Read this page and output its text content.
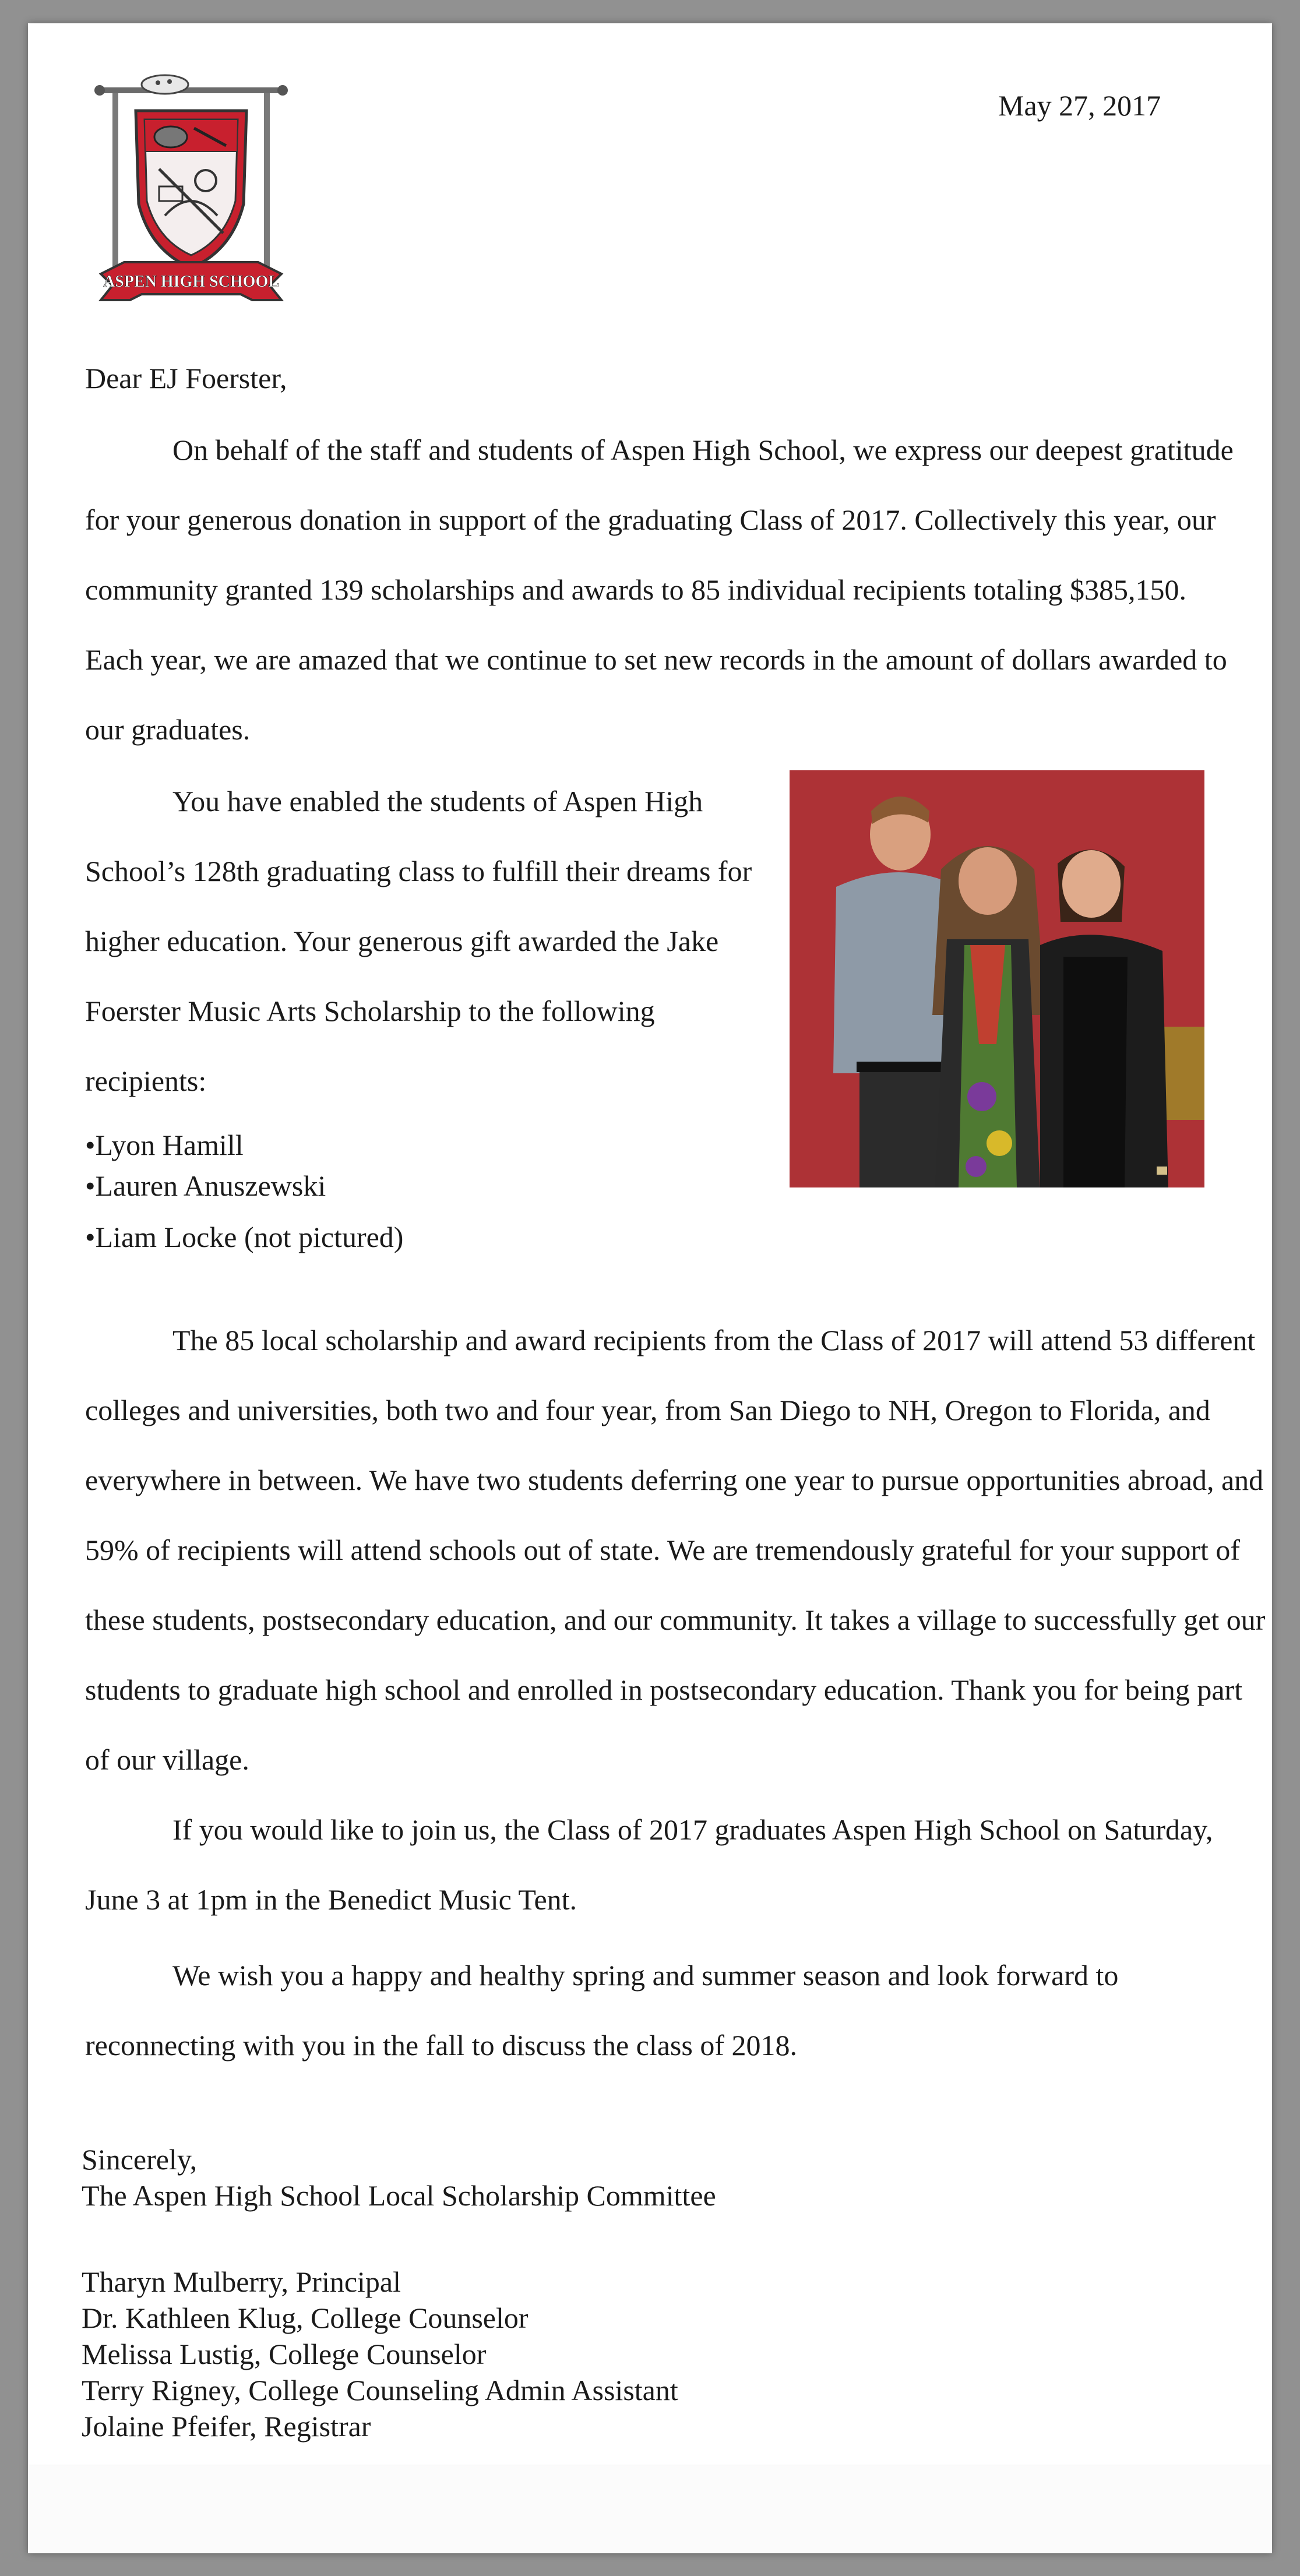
ASPEN HIGH SCHOOL
May 27, 2017
Dear EJ Foerster,

On behalf of the staff and students of Aspen High School, we express our deepest gratitude for your generous donation in support of the graduating Class of 2017. Collectively this year, our community granted 139 scholarships and awards to 85 individual recipients totaling $385,150. Each year, we are amazed that we continue to set new records in the amount of dollars awarded to our graduates.

You have enabled the students of Aspen High School’s 128th graduating class to fulfill their dreams for higher education. Your generous gift awarded the Jake Foerster Music Arts Scholarship to the following recipients:

•Lyon Hamill
•Lauren Anuszewski
•Liam Locke (not pictured)

The 85 local scholarship and award recipients from the Class of 2017 will attend 53 different colleges and universities, both two and four year, from San Diego to NH, Oregon to Florida, and everywhere in between. We have two students deferring one year to pursue opportunities abroad, and 59% of recipients will attend schools out of state. We are tremendously grateful for your support of these students, postsecondary education, and our community. It takes a village to successfully get our students to graduate high school and enrolled in postsecondary education. Thank you for being part of our village.

If you would like to join us, the Class of 2017 graduates Aspen High School on Saturday, June 3 at 1pm in the Benedict Music Tent.

We wish you a happy and healthy spring and summer season and look forward to reconnecting with you in the fall to discuss the class of 2018.

Sincerely,
The Aspen High School Local Scholarship Committee
Tharyn Mulberry, Principal
Dr. Kathleen Klug, College Counselor
Melissa Lustig, College Counselor
Terry Rigney, College Counseling Admin Assistant
Jolaine Pfeifer, Registrar
